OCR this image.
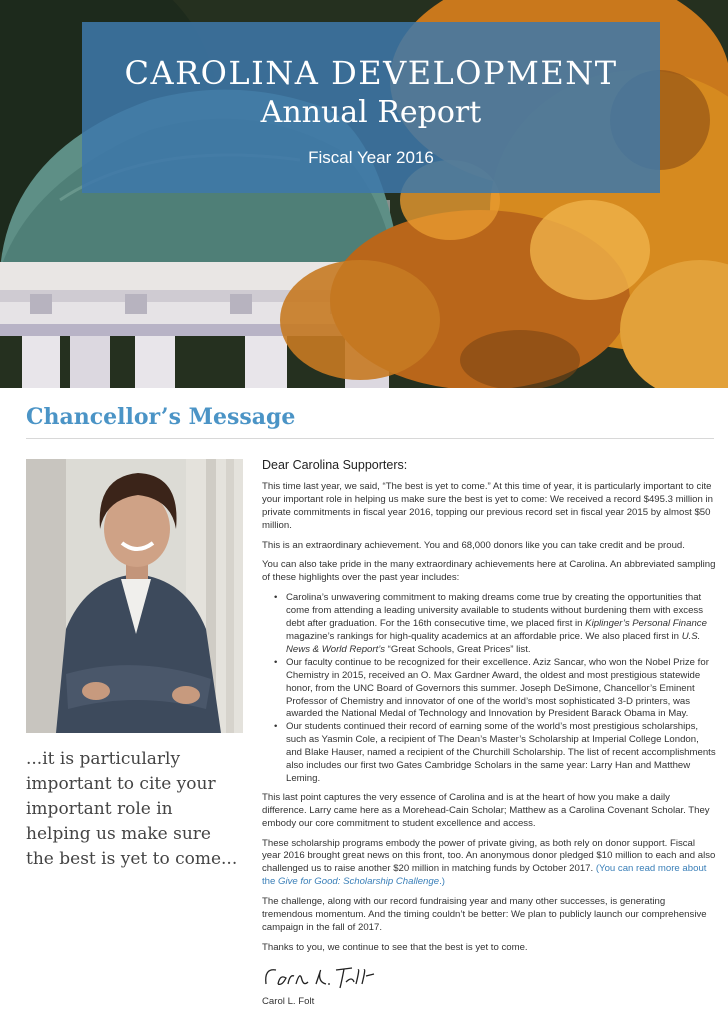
CAROLINA DEVELOPMENT
Annual Report
Fiscal Year 2016
Chancellor’s Message
...it is particularly important to cite your important role in helping us make sure the best is yet to come...
Dear Carolina Supporters:

This time last year, we said, “The best is yet to come.” At this time of year, it is particularly important to cite your important role in helping us make sure the best is yet to come: We received a record $495.3 million in private commitments in fiscal year 2016, topping our previous record set in fiscal year 2015 by almost $50 million.

This is an extraordinary achievement. You and 68,000 donors like you can take credit and be proud.

You can also take pride in the many extraordinary achievements here at Carolina. An abbreviated sampling of these highlights over the past year includes:

• Carolina’s unwavering commitment to making dreams come true by creating the opportunities that come from attending a leading university available to students without burdening them with excess debt after graduation. For the 16th consecutive time, we placed first in Kiplinger’s Personal Finance magazine’s rankings for high-quality academics at an affordable price. We also placed first in U.S. News & World Report’s “Great Schools, Great Prices” list.
• Our faculty continue to be recognized for their excellence. Aziz Sancar, who won the Nobel Prize for Chemistry in 2015, received an O. Max Gardner Award, the oldest and most prestigious statewide honor, from the UNC Board of Governors this summer. Joseph DeSimone, Chancellor’s Eminent Professor of Chemistry and innovator of one of the world’s most sophisticated 3-D printers, was awarded the National Medal of Technology and Innovation by President Barack Obama in May.
• Our students continued their record of earning some of the world’s most prestigious scholarships, such as Yasmin Cole, a recipient of The Dean’s Master’s Scholarship at Imperial College London, and Blake Hauser, named a recipient of the Churchill Scholarship. The list of recent accomplishments also includes our first two Gates Cambridge Scholars in the same year: Larry Han and Matthew Leming.

This last point captures the very essence of Carolina and is at the heart of how you make a daily difference. Larry came here as a Morehead-Cain Scholar; Matthew as a Carolina Covenant Scholar. They embody our core commitment to student excellence and access.

These scholarship programs embody the power of private giving, as both rely on donor support. Fiscal year 2016 brought great news on this front, too. An anonymous donor pledged $10 million to each and also challenged us to raise another $20 million in matching funds by October 2017. (You can read more about the Give for Good: Scholarship Challenge.)

The challenge, along with our record fundraising year and many other successes, is generating tremendous momentum. And the timing couldn’t be better: We plan to publicly launch our comprehensive campaign in the fall of 2017.

Thanks to you, we continue to see that the best is yet to come.

Carol L. Folt
